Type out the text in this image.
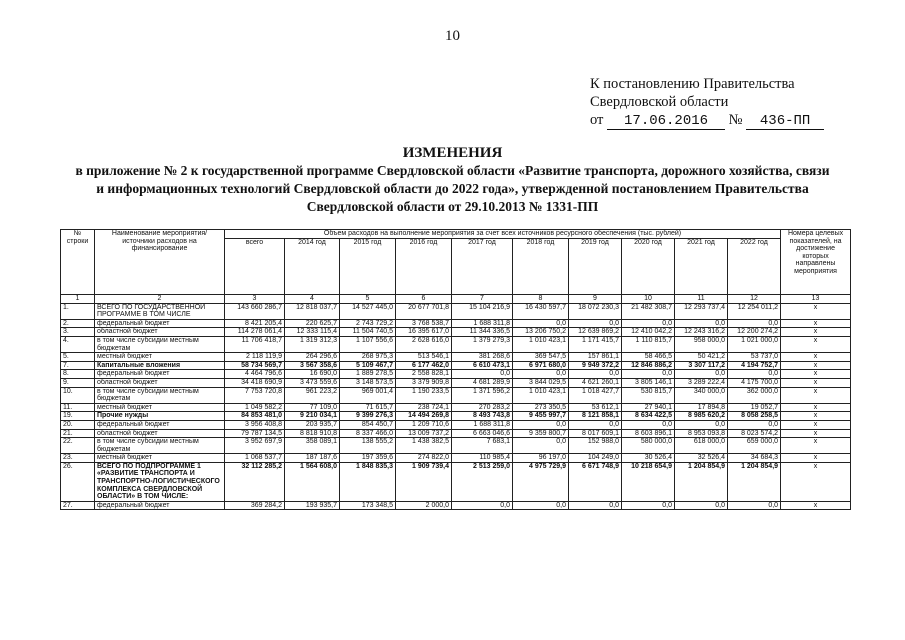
10
К постановлению Правительства
Свердловской области
от 17.06.2016 № 436-ПП
ИЗМЕНЕНИЯ
в приложение № 2 к государственной программе Свердловской области «Развитие транспорта, дорожного хозяйства, связи и информационных технологий Свердловской области до 2022 года», утвержденной постановлением Правительства Свердловской области от 29.10.2013 № 1331-ПП
№ строки	Наименование мероприятия/ источники расходов на финансирование	Объем расходов на выполнение мероприятия за счет всех источников ресурсного обеспечения (тыс. рублей)										Номера целевых показателей, на достижение которых направлены мероприятия
		всего	2014 год	2015 год	2016 год	2017 год	2018 год	2019 год	2020 год	2021 год	2022 год	
1	2	3	4	5	6	7	8	9	10	11	12	13
1.	ВСЕГО ПО ГОСУДАРСТВЕННОЙ ПРОГРАММЕ В ТОМ ЧИСЛЕ	143 660 286,7	12 818 037,7	14 527 445,0	20 677 701,8	15 104 216,9	16 430 597,7	18 072 230,3	21 482 308,7	12 293 737,4	12 254 011,2	х
2.	федеральный бюджет	8 421 205,4	220 625,7	2 743 729,2	3 768 538,7	1 688 311,8	0,0	0,0	0,0	0,0	0,0	х
3.	областной бюджет	114 278 061,4	12 333 115,4	11 504 740,5	16 395 617,0	11 344 336,5	13 206 750,2	12 639 869,2	12 410 042,2	12 243 316,2	12 200 274,2	х
4.	в том числе субсидии местным бюджетам	11 706 418,7	1 319 312,3	1 107 556,6	2 628 616,0	1 379 279,3	1 010 423,1	1 171 415,7	1 110 815,7	958 000,0	1 021 000,0	х
5.	местный бюджет	2 118 119,9	264 296,6	268 975,3	513 546,1	381 268,6	369 547,5	157 861,1	58 466,5	50 421,2	53 737,0	х
7.	Капитальные вложения	58 734 569,7	3 567 358,6	5 109 467,7	6 177 462,0	6 610 473,1	6 971 680,0	9 949 372,2	12 846 886,2	3 307 117,2	4 194 752,7	х
8.	федеральный бюджет	4 464 796,6	16 690,0	1 889 278,5	2 558 828,1	0,0	0,0	0,0	0,0	0,0	0,0	х
9.	областной бюджет	34 418 690,9	3 473 559,6	3 148 573,5	3 379 909,8	4 681 289,9	3 844 029,5	4 621 260,1	3 805 146,1	3 289 222,4	4 175 700,0	х
10.	в том числе субсидии местным бюджетам	7 753 720,8	961 223,2	969 001,4	1 190 233,5	1 371 596,2	1 010 423,1	1 018 427,7	530 815,7	340 000,0	362 000,0	х
11.	местный бюджет	1 049 582,2	77 109,0	71 615,7	238 724,1	270 283,2	273 350,5	53 612,1	27 940,1	17 894,8	19 052,7	х
19.	Прочие нужды	84 853 481,0	9 210 034,1	9 399 276,3	14 494 269,8	8 493 743,8	9 455 997,7	8 121 858,1	8 634 422,5	8 985 620,2	8 058 258,5	х
20.	федеральный бюджет	3 956 408,8	203 935,7	854 450,7	1 209 710,6	1 688 311,8	0,0	0,0	0,0	0,0	0,0	х
21.	областной бюджет	79 787 134,5	8 818 910,8	8 337 466,0	13 009 737,2	6 663 046,6	9 359 800,7	8 017 609,1	8 603 896,1	8 953 093,8	8 023 574,2	х
22.	в том числе субсидии местным бюджетам	3 952 697,9	358 089,1	138 555,2	1 438 382,5	7 683,1	0,0	152 988,0	580 000,0	618 000,0	659 000,0	х
23.	местный бюджет	1 068 537,7	187 187,6	197 359,6	274 822,0	110 985,4	96 197,0	104 249,0	30 526,4	32 526,4	34 684,3	х
26.	ВСЕГО ПО ПОДПРОГРАММЕ 1 «РАЗВИТИЕ ТРАНСПОРТА И ТРАНСПОРТНО-ЛОГИСТИЧЕСКОГО КОМПЛЕКСА СВЕРДЛОВСКОЙ ОБЛАСТИ» В ТОМ ЧИСЛЕ:	32 112 285,2	1 564 608,0	1 848 835,3	1 909 739,4	2 513 259,0	4 975 729,9	6 671 748,9	10 218 654,9	1 204 854,9	1 204 854,9	х
27.	федеральный бюджет	369 284,2	193 935,7	173 348,5	2 000,0	0,0	0,0	0,0	0,0	0,0	0,0	х
